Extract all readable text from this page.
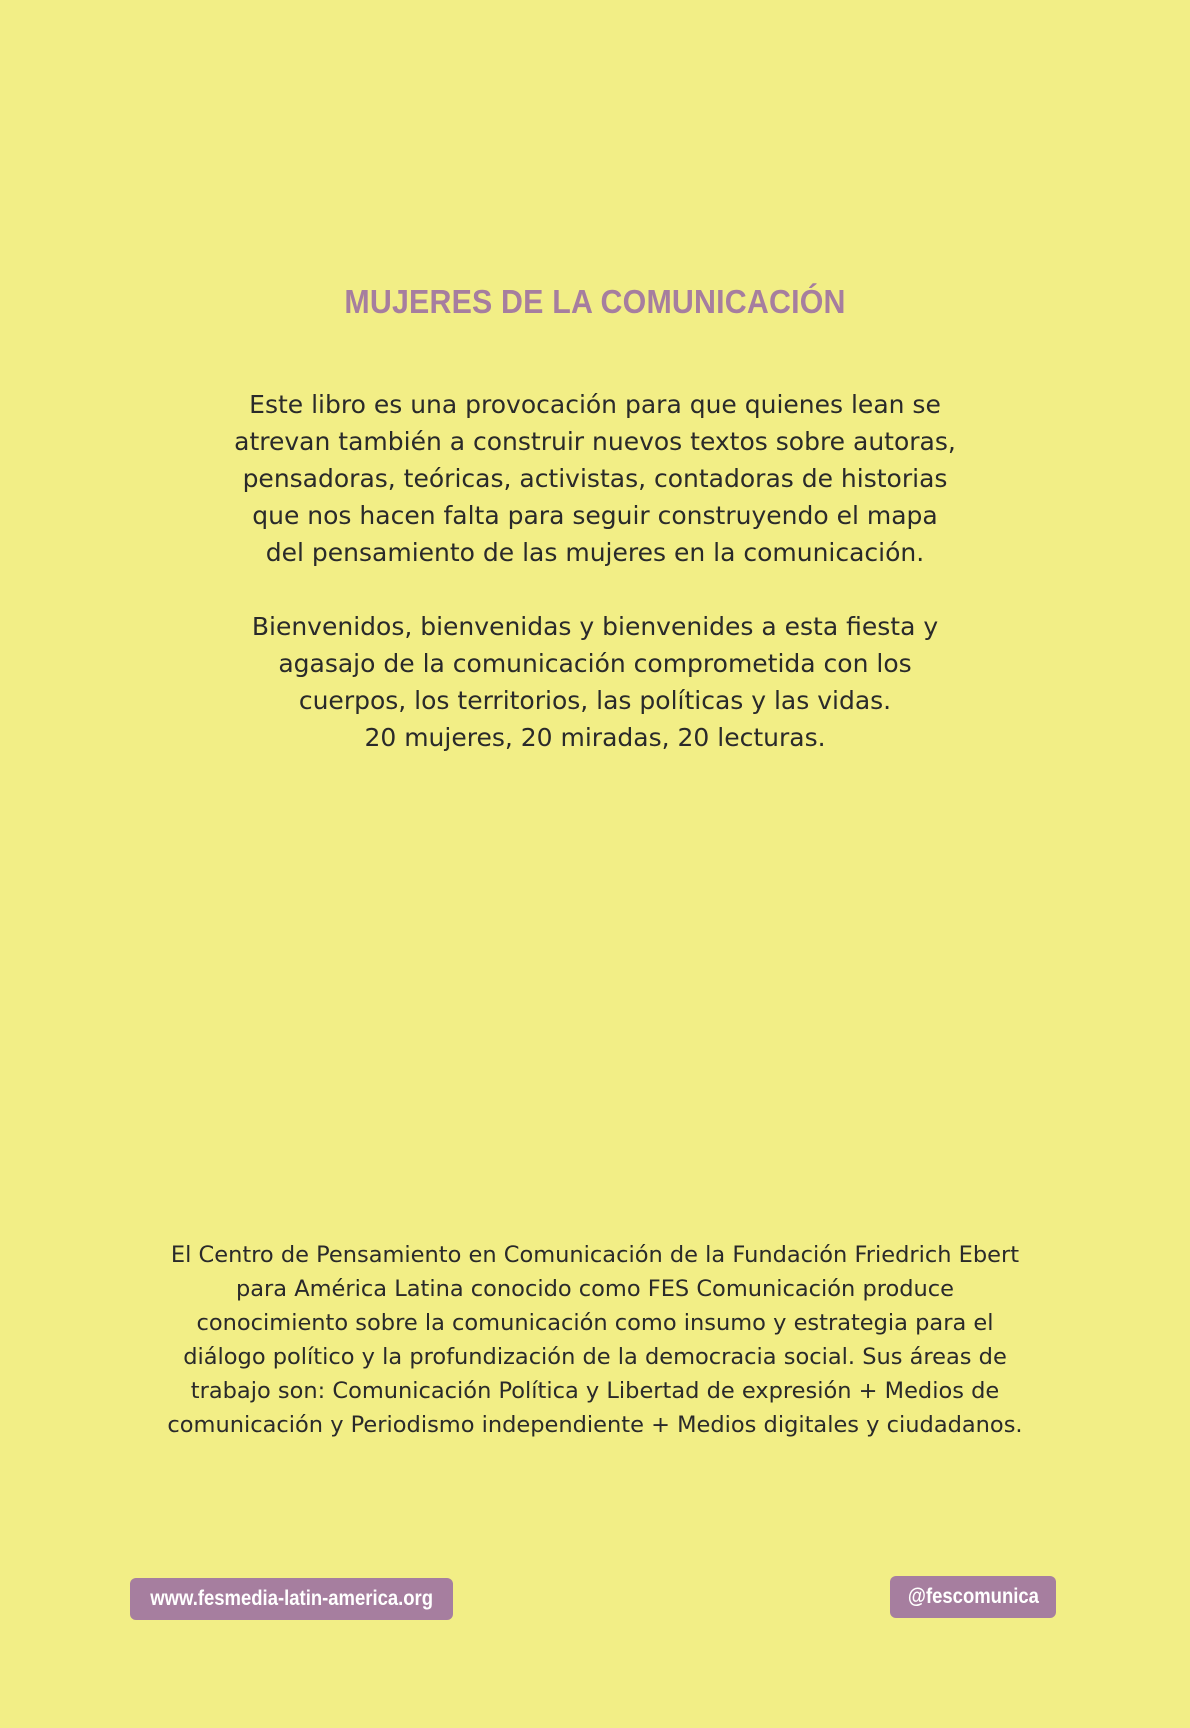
MUJERES DE LA COMUNICACIÓN

Este libro es una provocación para que quienes lean se
atrevan también a construir nuevos textos sobre autoras,
pensadoras, teóricas, activistas, contadoras de historias
que nos hacen falta para seguir construyendo el mapa
del pensamiento de las mujeres en la comunicación.

Bienvenidos, bienvenidas y bienvenides a esta fiesta y
agasajo de la comunicación comprometida con los
cuerpos, los territorios, las políticas y las vidas.
20 mujeres, 20 miradas, 20 lecturas.

El Centro de Pensamiento en Comunicación de la Fundación Friedrich Ebert
para América Latina conocido como FES Comunicación produce
conocimiento sobre la comunicación como insumo y estrategia para el
diálogo político y la profundización de la democracia social. Sus áreas de
trabajo son: Comunicación Política y Libertad de expresión + Medios de
comunicación y Periodismo independiente + Medios digitales y ciudadanos.

www.fesmedia-latin-america.org	@fescomunica
